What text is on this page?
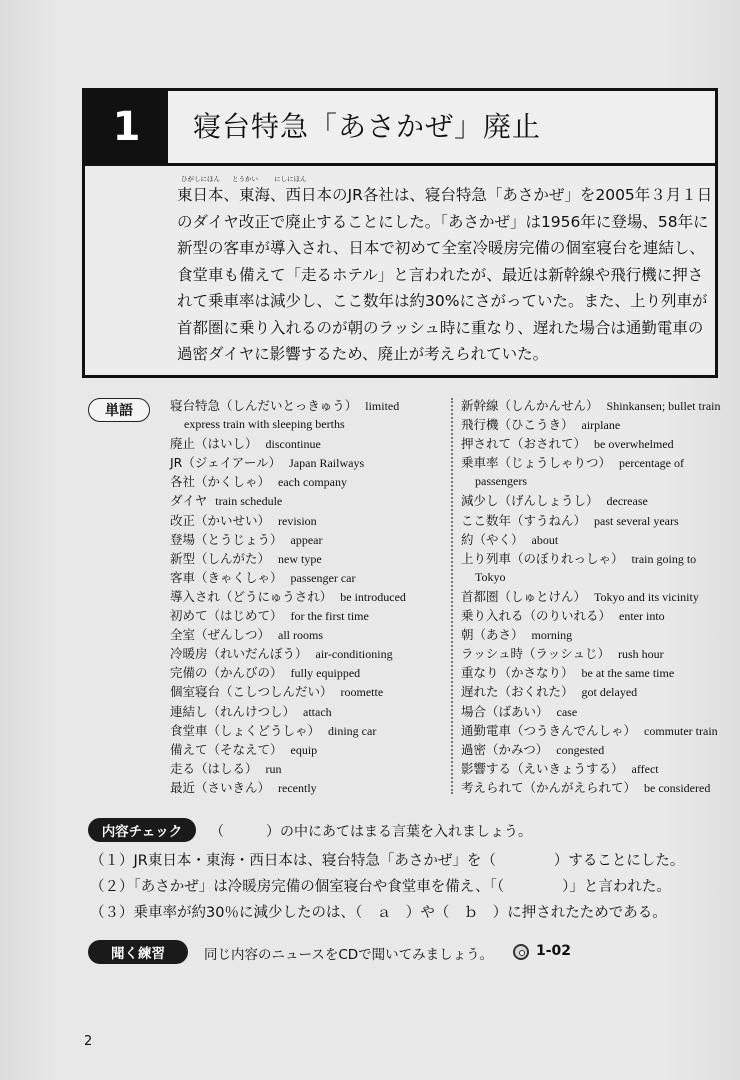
1	寝台特急「あさかぜ」廃止
ひがしにほん とうかい にしにほん

東日本、東海、西日本のJR各社は、寝台特急「あさかぜ」を2005年３月１日

のダイヤ改正で廃止することにした。「あさかぜ」は1956年に登場、58年に

新型の客車が導入され、日本で初めて全室冷暖房完備の個室寝台を連結し、

食堂車も備えて「走るホテル」と言われたが、最近は新幹線や飛行機に押さ

れて乗車率は減少し、ここ数年は約30%にさがっていた。また、上り列車が

首都圏に乗り入れるのが朝のラッシュ時に重なり、遅れた場合は通勤電車の

過密ダイヤに影響するため、廃止が考えられていた。

単語	寝台特急（しんだいとっきゅう） limited
express train with sleeping berths
廃止（はいし） discontinue
JR（ジェイアール） Japan Railways
各社（かくしゃ） each company
ダイヤ train schedule
改正（かいせい） revision
登場（とうじょう） appear
新型（しんがた） new type
客車（きゃくしゃ） passenger car
導入され（どうにゅうされ） be introduced
初めて（はじめて） for the first time
全室（ぜんしつ） all rooms
冷暖房（れいだんぼう） air-conditioning
完備の（かんびの） fully equipped
個室寝台（こしつしんだい） roomette
連結し（れんけつし） attach
食堂車（しょくどうしゃ） dining car
備えて（そなえて） equip
走る（はしる） run
最近（さいきん） recently
新幹線（しんかんせん） Shinkansen; bullet train
飛行機（ひこうき） airplane
押されて（おされて） be overwhelmed
乗車率（じょうしゃりつ） percentage of
passengers
減少し（げんしょうし） decrease
ここ数年（すうねん） past several years
約（やく） about
上り列車（のぼりれっしゃ） train going to
Tokyo
首都圏（しゅとけん） Tokyo and its vicinity
乗り入れる（のりいれる） enter into
朝（あさ） morning
ラッシュ時（ラッシュじ） rush hour
重なり（かさなり） be at the same time
遅れた（おくれた） got delayed
場合（ばあい） case
通勤電車（つうきんでんしゃ） commuter train
過密（かみつ） congested
影響する（えいきょうする） affect
考えられて（かんがえられて） be considered
内容チェック	（　　　）の中にあてはまる言葉を入れましょう。
（１）JR東日本・東海・西日本は、寝台特急「あさかぜ」を（　　　　）することにした。
（２）「あさかぜ」は冷暖房完備の個室寝台や食堂車を備え、「（　　　　）」と言われた。
（３）乗車率が約30％に減少したのは、（　ａ　）や（　ｂ　）に押されたためである。
聞く練習	同じ内容のニュースをCDで聞いてみましょう。	1-02
2
